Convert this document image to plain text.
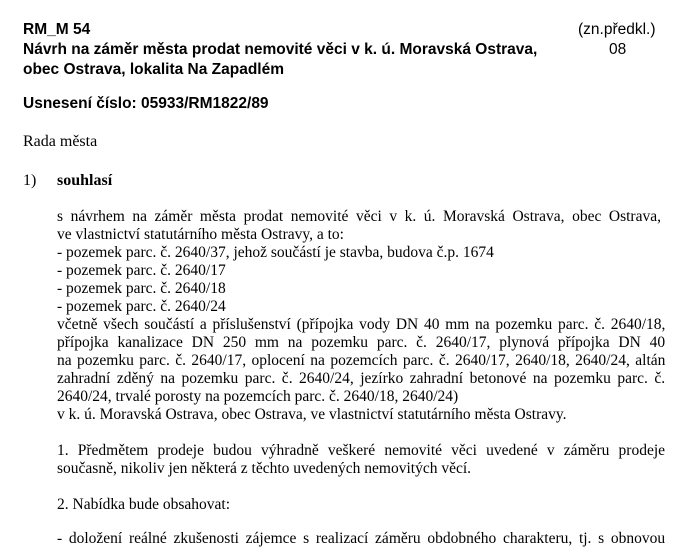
RM_M 54	(zn.předkl.)
Návrh na záměr města prodat nemovité věci v k. ú. Moravská Ostrava,	08
obec Ostrava, lokalita Na Zapadlém
Usnesení číslo: 05933/RM1822/89
Rada města
1) souhlasí
s návrhem na záměr města prodat nemovité věci v k. ú. Moravská Ostrava, obec Ostrava,
ve vlastnictví statutárního města Ostravy, a to:
- pozemek parc. č. 2640/37, jehož součástí je stavba, budova č.p. 1674
- pozemek parc. č. 2640/17
- pozemek parc. č. 2640/18
- pozemek parc. č. 2640/24
včetně všech součástí a příslušenství (přípojka vody DN 40 mm na pozemku parc. č. 2640/18,
přípojka kanalizace DN 250 mm na pozemku parc. č. 2640/17, plynová přípojka DN 40
na pozemku parc. č. 2640/17, oplocení na pozemcích parc. č. 2640/17, 2640/18, 2640/24, altán
zahradní zděný na pozemku parc. č. 2640/24, jezírko zahradní betonové na pozemku parc. č.
2640/24, trvalé porosty na pozemcích parc. č. 2640/18, 2640/24)
v k. ú. Moravská Ostrava, obec Ostrava, ve vlastnictví statutárního města Ostravy.
1. Předmětem prodeje budou výhradně veškeré nemovité věci uvedené v záměru prodeje
současně, nikoliv jen některá z těchto uvedených nemovitých věcí.
2. Nabídka bude obsahovat:
- doložení reálné zkušenosti zájemce s realizací záměru obdobného charakteru, tj. s obnovou
